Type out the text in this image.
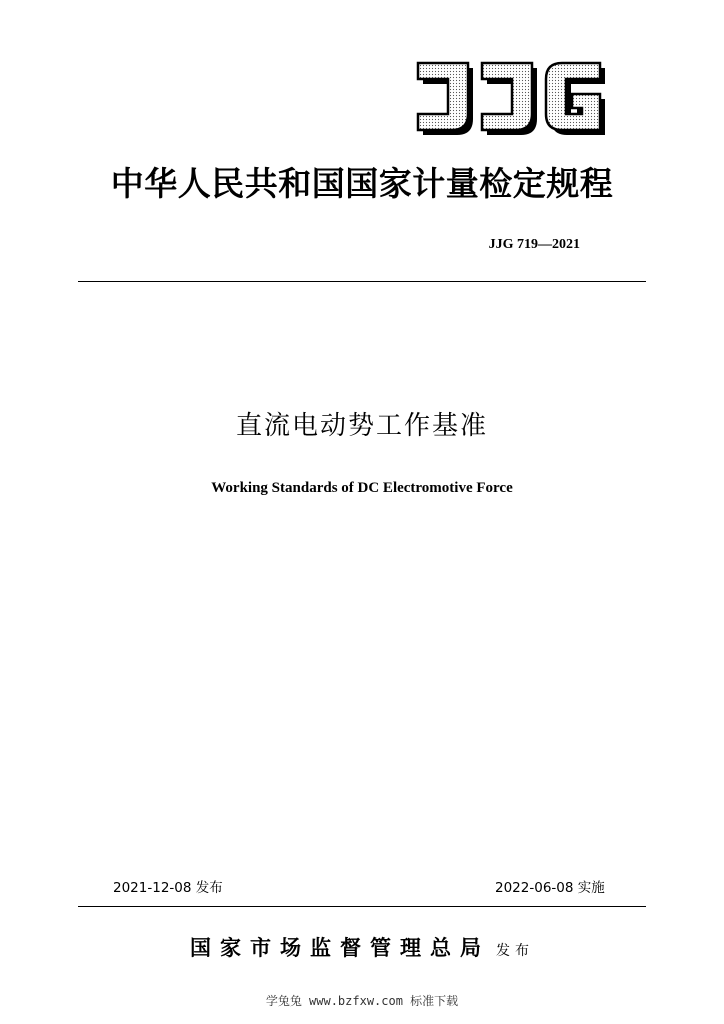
中华人民共和国国家计量检定规程
JJG 719—2021
直流电动势工作基准
Working Standards of DC Electromotive Force
2021-12-08 发布	2022-06-08 实施
国家市场监督管理总局 发布
学兔兔 www.bzfxw.com 标准下载
